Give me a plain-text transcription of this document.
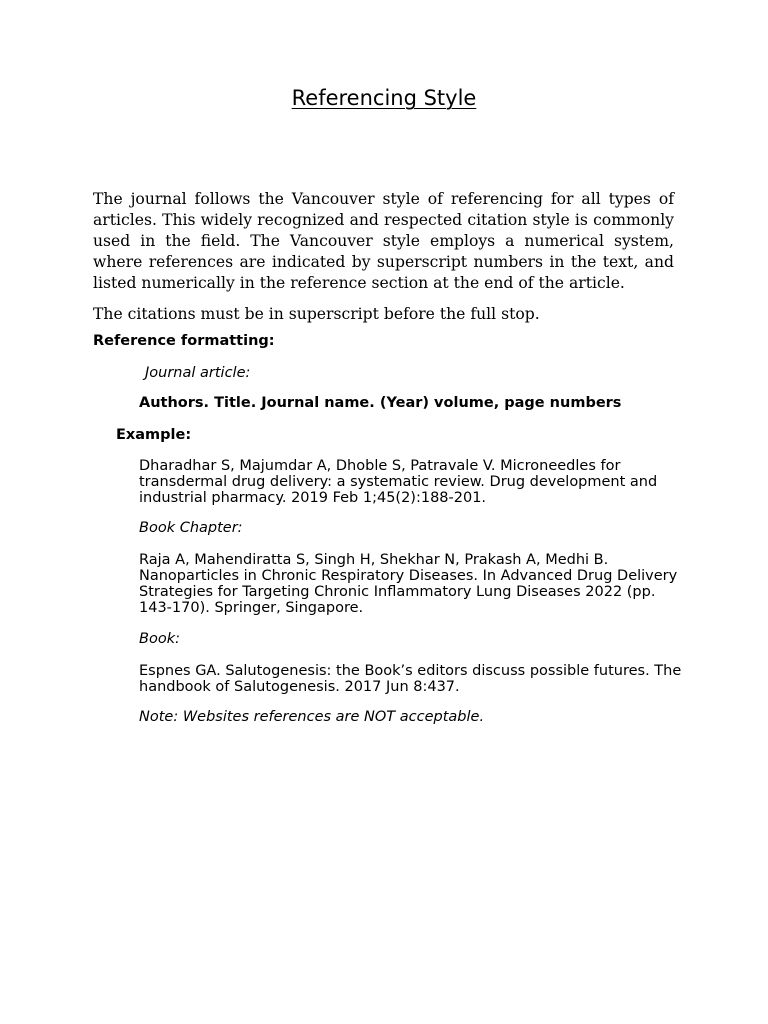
Referencing Style

The journal follows the Vancouver style of referencing for all types of articles. This widely recognized and respected citation style is commonly used in the field. The Vancouver style employs a numerical system, where references are indicated by superscript numbers in the text, and listed numerically in the reference section at the end of the article.

The citations must be in superscript before the full stop.

Reference formatting:

Journal article:

Authors. Title. Journal name. (Year) volume, page numbers

Example:

Dharadhar S, Majumdar A, Dhoble S, Patravale V. Microneedles for transdermal drug delivery: a systematic review. Drug development and industrial pharmacy. 2019 Feb 1;45(2):188-201.

Book Chapter:

Raja A, Mahendiratta S, Singh H, Shekhar N, Prakash A, Medhi B. Nanoparticles in Chronic Respiratory Diseases. In Advanced Drug Delivery Strategies for Targeting Chronic Inflammatory Lung Diseases 2022 (pp. 143-170). Springer, Singapore.

Book:

Espnes GA. Salutogenesis: the Book’s editors discuss possible futures. The handbook of Salutogenesis. 2017 Jun 8:437.

Note: Websites references are NOT acceptable.
